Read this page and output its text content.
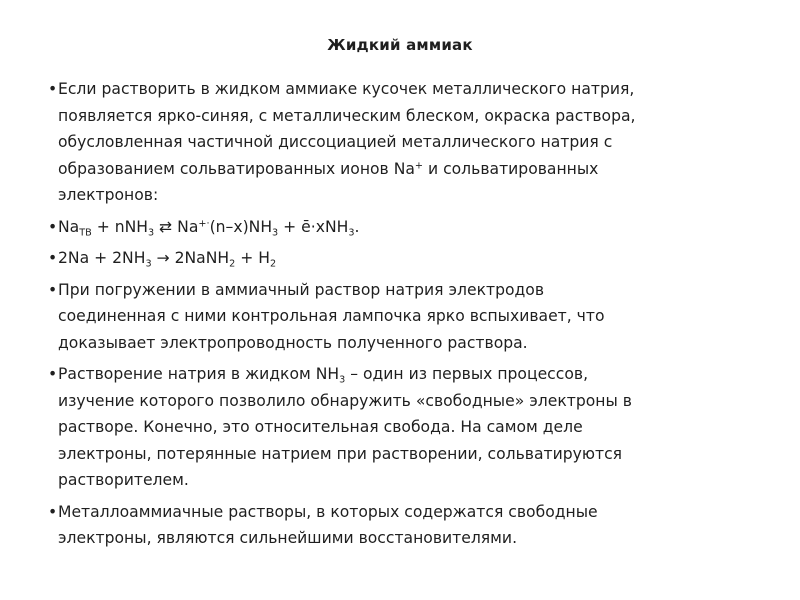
Жидкий аммиак
• Если растворить в жидком аммиаке кусочек металлического натрия,
появляется ярко-синяя, с металлическим блеском, окраска раствора,
обусловленная частичной диссоциацией металлического натрия с
образованием сольватированных ионов Na+ и сольватированных
электронов:
• $Na_{ТВ} + nNH_3$ ⇄ $Na^{+\cdot}(n-x)NH_3$ + ē·xNH$_3$.
• $2Na + 2NH_3$ → 2NaNH$_2$ + $H_2$
• При погружении в аммиачный раствор натрия электродов
соединенная с ними контрольная лампочка ярко вспыхивает, что
доказывает электропроводность полученного раствора.
• Растворение натрия в жидком $NH_3$ – один из первых процессов,
изучение которого позволило обнаружить «свободные» электроны в
растворе. Конечно, это относительная свобода. На самом деле
электроны, потерянные натрием при растворении, сольватируются
растворителем.
• Металлоаммиачные растворы, в которых содержатся свободные
электроны, являются сильнейшими восстановителями.
